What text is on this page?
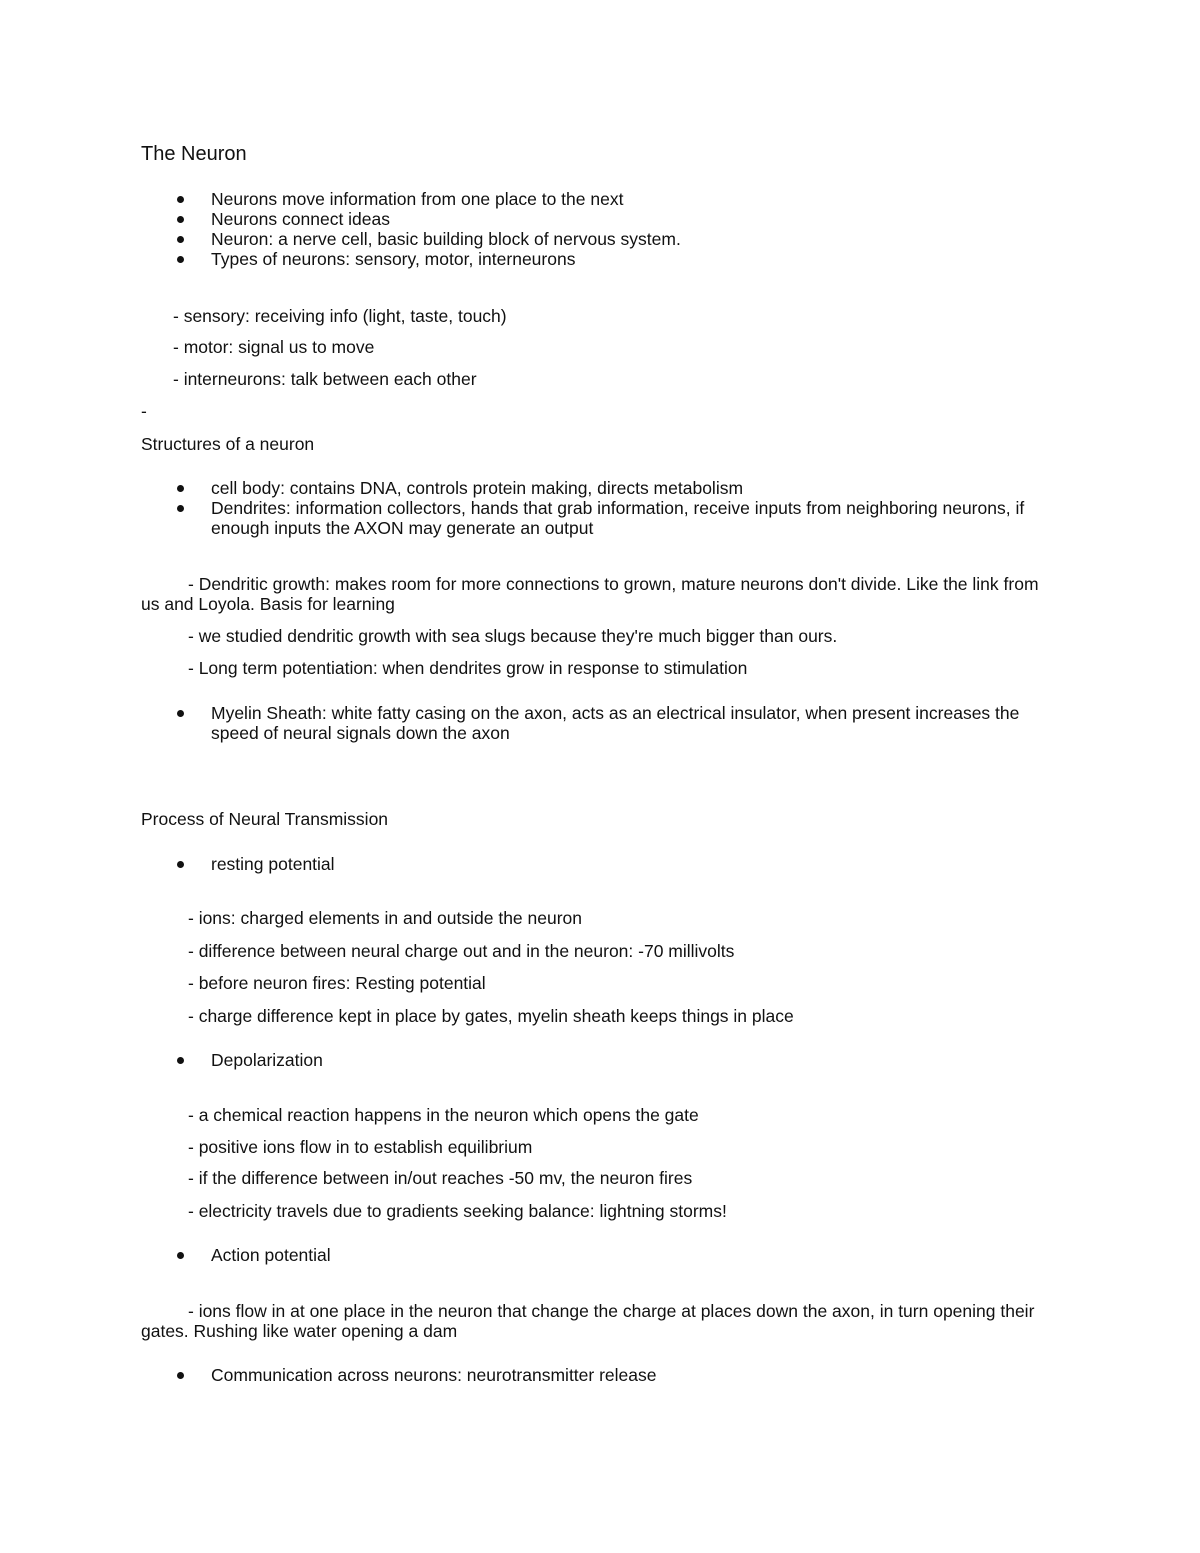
The Neuron
Neurons move information from one place to the next
Neurons connect ideas
Neuron: a nerve cell, basic building block of nervous system.
Types of neurons: sensory, motor, interneurons
- sensory: receiving info (light, taste, touch)
- motor: signal us to move
- interneurons: talk between each other
-
Structures of a neuron
cell body: contains DNA, controls protein making, directs metabolism
Dendrites: information collectors, hands that grab information, receive inputs from neighboring neurons, if enough inputs the AXON may generate an output
- Dendritic growth: makes room for more connections to grown, mature neurons don't divide. Like the link from us and Loyola. Basis for learning
- we studied dendritic growth with sea slugs because they're much bigger than ours.
- Long term potentiation: when dendrites grow in response to stimulation
Myelin Sheath: white fatty casing on the axon, acts as an electrical insulator, when present increases the speed of neural signals down the axon
Process of Neural Transmission
resting potential
- ions: charged elements in and outside the neuron
- difference between neural charge out and in the neuron: -70 millivolts
- before neuron fires: Resting potential
- charge difference kept in place by gates, myelin sheath keeps things in place
Depolarization
- a chemical reaction happens in the neuron which opens the gate
- positive ions flow in to establish equilibrium
- if the difference between in/out reaches -50 mv, the neuron fires
- electricity travels due to gradients seeking balance: lightning storms!
Action potential
- ions flow in at one place in the neuron that change the charge at places down the axon, in turn opening their gates. Rushing like water opening a dam
Communication across neurons: neurotransmitter release
